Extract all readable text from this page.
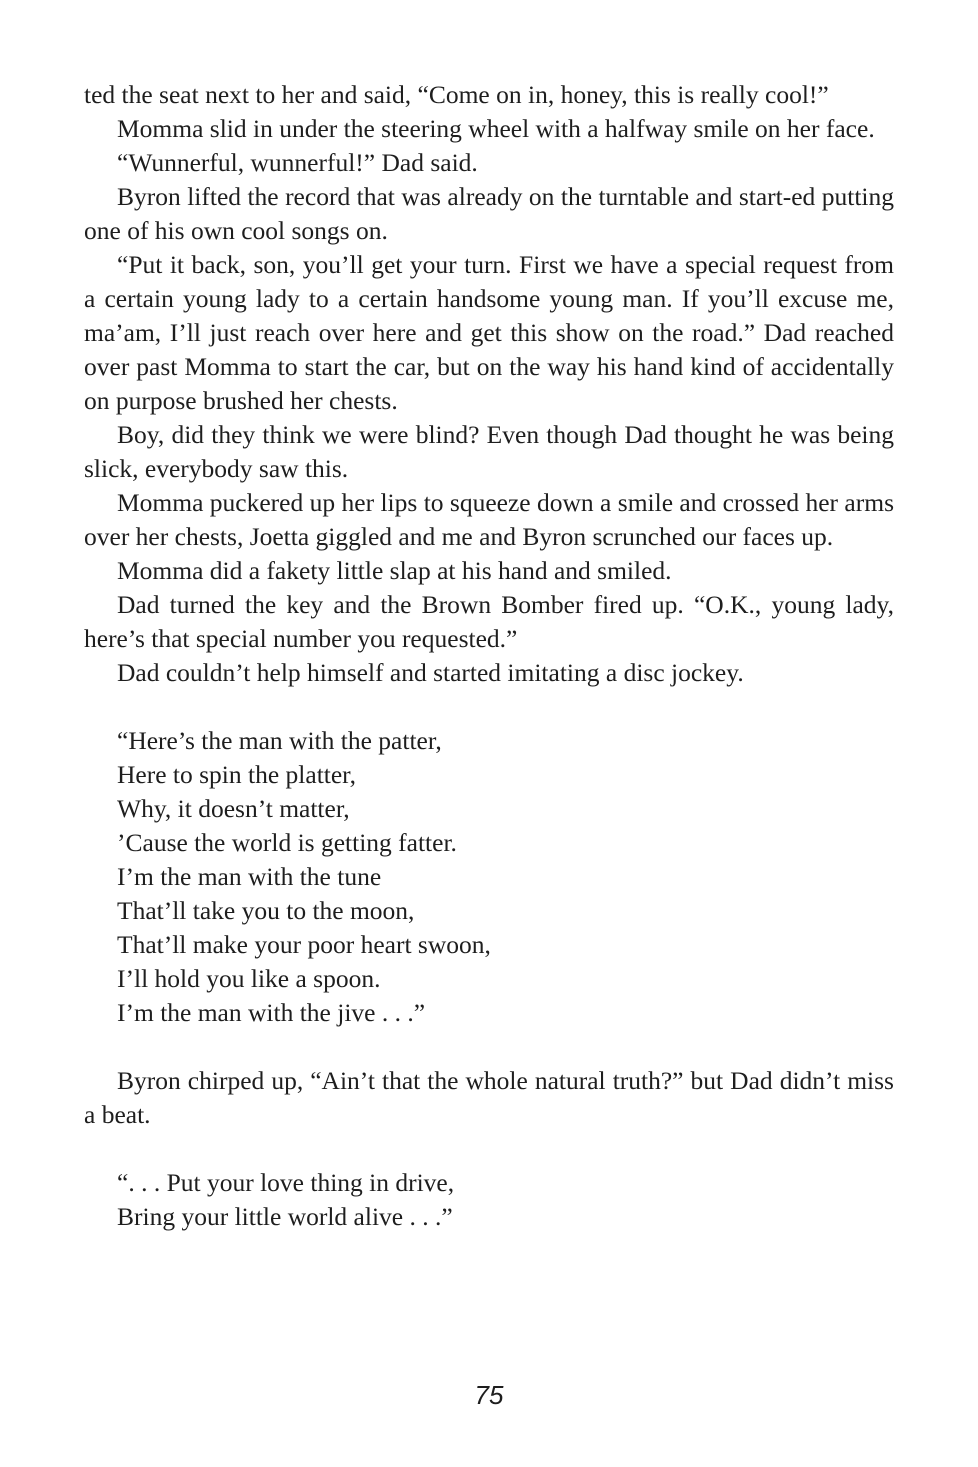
ted the seat next to her and said, “Come on in, honey, this is really cool!”

Momma slid in under the steering wheel with a halfway smile on her face.

“Wunnerful, wunnerful!” Dad said.

Byron lifted the record that was already on the turntable and start-ed putting one of his own cool songs on.

“Put it back, son, you’ll get your turn. First we have a special request from a certain young lady to a certain handsome young man. If you’ll excuse me, ma’am, I’ll just reach over here and get this show on the road.” Dad reached over past Momma to start the car, but on the way his hand kind of accidentally on purpose brushed her chests.

Boy, did they think we were blind? Even though Dad thought he was being slick, everybody saw this.

Momma puckered up her lips to squeeze down a smile and crossed her arms over her chests, Joetta giggled and me and Byron scrunched our faces up.

Momma did a fakety little slap at his hand and smiled.

Dad turned the key and the Brown Bomber fired up. “O.K., young lady, here’s that special number you requested.”

Dad couldn’t help himself and started imitating a disc jockey.

“Here’s the man with the patter,
Here to spin the platter,
Why, it doesn’t matter,
’Cause the world is getting fatter.
I’m the man with the tune
That’ll take you to the moon,
That’ll make your poor heart swoon,
I’ll hold you like a spoon.
I’m the man with the jive . . .”

Byron chirped up, “Ain’t that the whole natural truth?” but Dad didn’t miss a beat.

“. . . Put your love thing in drive,
Bring your little world alive . . .”
75
